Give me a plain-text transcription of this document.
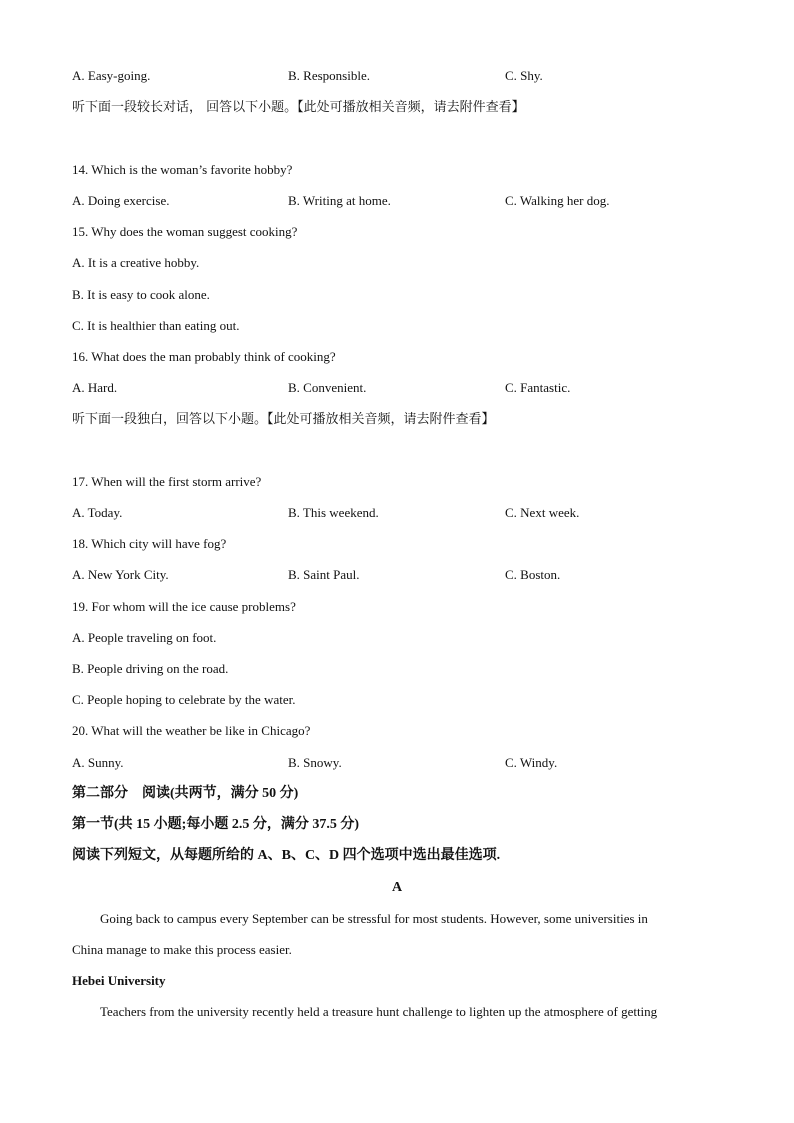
A. Easy-going.	B. Responsible.	C. Shy.
听下面一段较长对话， 回答以下小题。【此处可播放相关音频，请去附件查看】
14. Which is the woman’s favorite hobby?
A. Doing exercise.	B. Writing at home.	C. Walking her dog.
15. Why does the woman suggest cooking?
A. It is a creative hobby.
B. It is easy to cook alone.
C. It is healthier than eating out.
16. What does the man probably think of cooking?
A. Hard.	B. Convenient.	C. Fantastic.
听下面一段独白，回答以下小题。【此处可播放相关音频，请去附件查看】
17. When will the first storm arrive?
A. Today.	B. This weekend.	C. Next week.
18. Which city will have fog?
A. New York City.	B. Saint Paul.	C. Boston.
19. For whom will the ice cause problems?
A. People traveling on foot.
B. People driving on the road.
C. People hoping to celebrate by the water.
20. What will the weather be like in Chicago?
A. Sunny.	B. Snowy.	C. Windy.
第二部分　阅读(共两节，满分 50 分)
第一节(共 15 小题;每小题 2.5 分，满分 37.5 分)
阅读下列短文，从每题所给的 A、B、C、D 四个选项中选出最佳选项.
A
Going back to campus every September can be stressful for most students. However, some universities in
China manage to make this process easier.
Hebei University
Teachers from the university recently held a treasure hunt challenge to lighten up the atmosphere of getting
